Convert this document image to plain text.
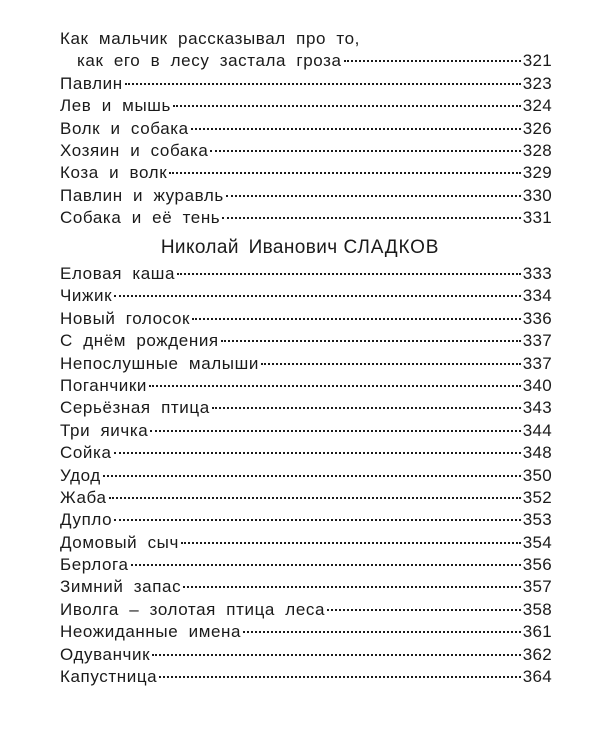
Как мальчик рассказывал про то,
как его в лесу застала гроза	321
Павлин	323
Лев и мышь	324
Волк и собака	326
Хозяин и собака	328
Коза и волк	329
Павлин и журавль	330
Собака и её тень	331
Николай Иванович СЛАДКОВ
Еловая каша	333
Чижик	334
Новый голосок	336
С днём рождения	337
Непослушные малыши	337
Поганчики	340
Серьёзная птица	343
Три яичка	344
Сойка	348
Удод	350
Жаба	352
Дупло	353
Домовый сыч	354
Берлога	356
Зимний запас	357
Иволга – золотая птица леса	358
Неожиданные имена	361
Одуванчик	362
Капустница	364
